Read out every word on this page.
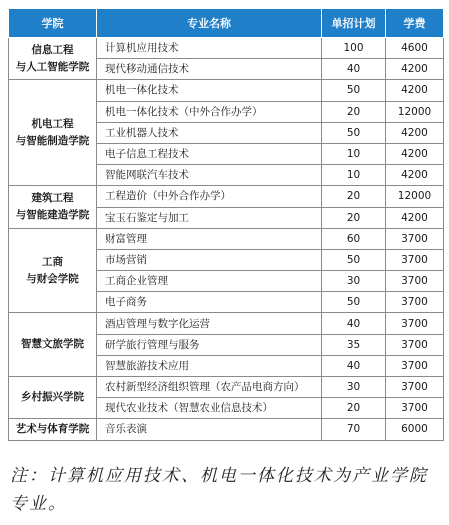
学院	专业名称	单招计划	学费

信息工程
与人工智能学院	计算机应用技术	100	4600
	现代移动通信技术	40	4200

机电工程
与智能制造学院	机电一体化技术	50	4200
	机电一体化技术（中外合作办学）	20	12000
	工业机器人技术	50	4200
	电子信息工程技术	10	4200
	智能网联汽车技术	10	4200

建筑工程
与智能建造学院	工程造价（中外合作办学）	20	12000
	宝玉石鉴定与加工	20	4200

工商
与财会学院	财富管理	60	3700
	市场营销	50	3700
	工商企业管理	30	3700
	电子商务	50	3700

智慧文旅学院	酒店管理与数字化运营	40	3700
	研学旅行管理与服务	35	3700
	智慧旅游技术应用	40	3700

乡村振兴学院	农村新型经济组织管理（农产品电商方向）	30	3700
	现代农业技术（智慧农业信息技术）	20	3700

艺术与体育学院	音乐表演	70	6000

注：计算机应用技术、机电一体化技术为产业学院专业。
